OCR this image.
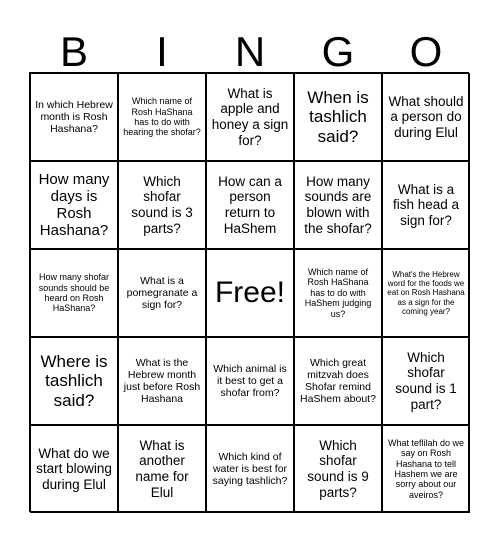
B	I	N	G	O
In which Hebrew month is Rosh Hashana?
Which name of Rosh HaShana has to do with hearing the shofar?
What is apple and honey a sign for?
When is tashlich said?
What should a person do during Elul
How many days is Rosh Hashana?
Which shofar sound is 3 parts?
How can a person return to HaShem
How many sounds are blown with the shofar?
What is a fish head a sign for?
How many shofar sounds should be heard on Rosh HaShana?
What is a pomegranate a sign for?	Free!
Which name of Rosh HaShana has to do with HaShem judging us?
What's the Hebrew word for the foods we eat on Rosh Hashana as a sign for the coming year?
Where is tashlich said?
What is the Hebrew month just before Rosh Hashana
Which animal is it best to get a shofar from?
Which great mitzvah does Shofar remind HaShem about?
Which shofar sound is 1 part?
What do we start blowing during Elul
What is another name for Elul
Which kind of water is best for saying tashlich?
Which shofar sound is 9 parts?
What teflilah do we say on Rosh Hashana to tell Hashem we are sorry about our aveiros?
